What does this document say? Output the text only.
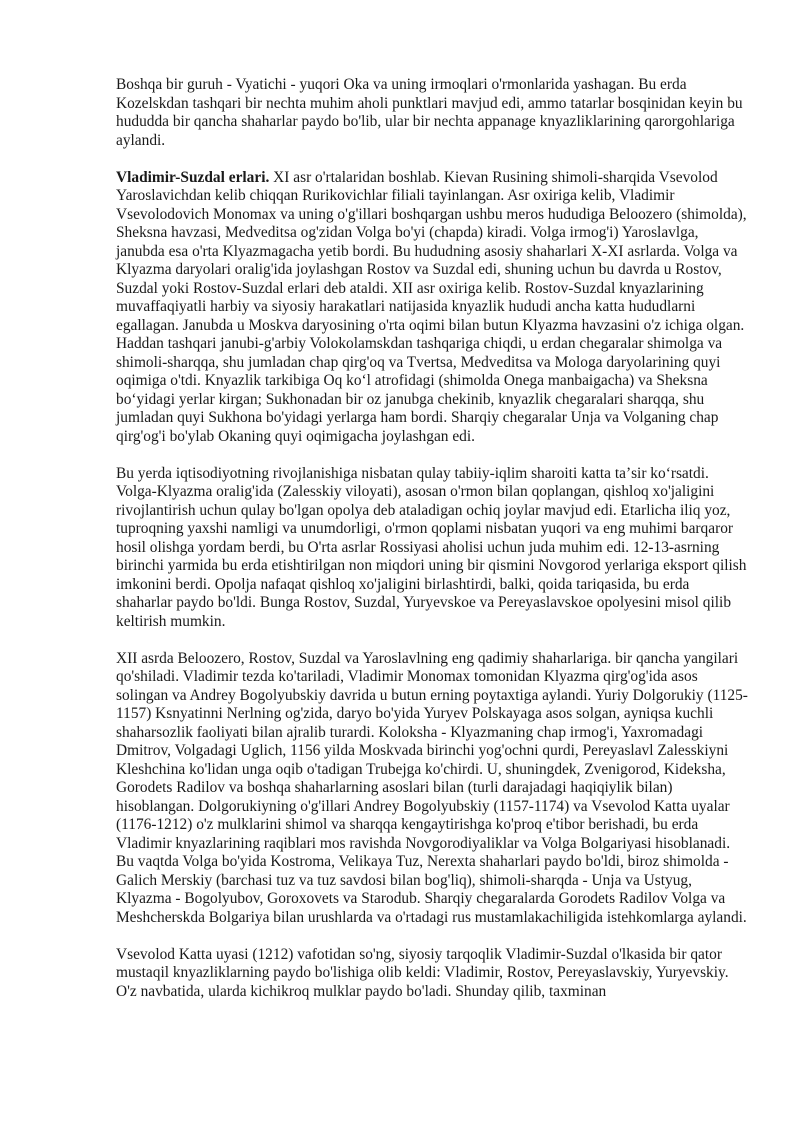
Boshqa bir guruh - Vyatichi - yuqori Oka va uning irmoqlari o'rmonlarida yashagan. Bu erda Kozelskdan tashqari bir nechta muhim aholi punktlari mavjud edi, ammo tatarlar bosqinidan keyin bu hududda bir qancha shaharlar paydo bo'lib, ular bir nechta appanage knyazliklarining qarorgohlariga aylandi.

Vladimir-Suzdal erlari. XI asr o'rtalaridan boshlab. Kievan Rusining shimoli-sharqida Vsevolod Yaroslavichdan kelib chiqqan Rurikovichlar filiali tayinlangan. Asr oxiriga kelib, Vladimir Vsevolodovich Monomax va uning o'g'illari boshqargan ushbu meros hududiga Beloozero (shimolda), Sheksna havzasi, Medveditsa og'zidan Volga bo'yi (chapda) kiradi. Volga irmog'i) Yaroslavlga, janubda esa o'rta Klyazmagacha yetib bordi. Bu hududning asosiy shaharlari X-XI asrlarda. Volga va Klyazma daryolari oralig'ida joylashgan Rostov va Suzdal edi, shuning uchun bu davrda u Rostov, Suzdal yoki Rostov-Suzdal erlari deb ataldi. XII asr oxiriga kelib. Rostov-Suzdal knyazlarining muvaffaqiyatli harbiy va siyosiy harakatlari natijasida knyazlik hududi ancha katta hududlarni egallagan. Janubda u Moskva daryosining o'rta oqimi bilan butun Klyazma havzasini o'z ichiga olgan. Haddan tashqari janubi-g'arbiy Volokolamskdan tashqariga chiqdi, u erdan chegaralar shimolga va shimoli-sharqqa, shu jumladan chap qirg'oq va Tvertsa, Medveditsa va Mologa daryolarining quyi oqimiga o'tdi. Knyazlik tarkibiga Oq koʻl atrofidagi (shimolda Onega manbaigacha) va Sheksna boʻyidagi yerlar kirgan; Sukhonadan bir oz janubga chekinib, knyazlik chegaralari sharqqa, shu jumladan quyi Sukhona bo'yidagi yerlarga ham bordi. Sharqiy chegaralar Unja va Volganing chap qirg'og'i bo'ylab Okaning quyi oqimigacha joylashgan edi.

Bu yerda iqtisodiyotning rivojlanishiga nisbatan qulay tabiiy-iqlim sharoiti katta taʼsir koʻrsatdi. Volga-Klyazma oralig'ida (Zalesskiy viloyati), asosan o'rmon bilan qoplangan, qishloq xo'jaligini rivojlantirish uchun qulay bo'lgan opolya deb ataladigan ochiq joylar mavjud edi. Etarlicha iliq yoz, tuproqning yaxshi namligi va unumdorligi, o'rmon qoplami nisbatan yuqori va eng muhimi barqaror hosil olishga yordam berdi, bu O'rta asrlar Rossiyasi aholisi uchun juda muhim edi. 12-13-asrning birinchi yarmida bu erda etishtirilgan non miqdori uning bir qismini Novgorod yerlariga eksport qilish imkonini berdi. Opolja nafaqat qishloq xo'jaligini birlashtirdi, balki, qoida tariqasida, bu erda shaharlar paydo bo'ldi. Bunga Rostov, Suzdal, Yuryevskoe va Pereyaslavskoe opolyesini misol qilib keltirish mumkin.

XII asrda Beloozero, Rostov, Suzdal va Yaroslavlning eng qadimiy shaharlariga. bir qancha yangilari qo'shiladi. Vladimir tezda ko'tariladi, Vladimir Monomax tomonidan Klyazma qirg'og'ida asos solingan va Andrey Bogolyubskiy davrida u butun erning poytaxtiga aylandi. Yuriy Dolgorukiy (1125-1157) Ksnyatinni Nerlning og'zida, daryo bo'yida Yuryev Polskayaga asos solgan, ayniqsa kuchli shaharsozlik faoliyati bilan ajralib turardi. Koloksha - Klyazmaning chap irmog'i, Yaxromadagi Dmitrov, Volgadagi Uglich, 1156 yilda Moskvada birinchi yog'ochni qurdi, Pereyaslavl Zalesskiyni Kleshchina ko'lidan unga oqib o'tadigan Trubejga ko'chirdi. U, shuningdek, Zvenigorod, Kideksha, Gorodets Radilov va boshqa shaharlarning asoslari bilan (turli darajadagi haqiqiylik bilan) hisoblangan. Dolgorukiyning o'g'illari Andrey Bogolyubskiy (1157-1174) va Vsevolod Katta uyalar (1176-1212) o'z mulklarini shimol va sharqqa kengaytirishga ko'proq e'tibor berishadi, bu erda Vladimir knyazlarining raqiblari mos ravishda Novgorodiyaliklar va Volga Bolgariyasi hisoblanadi. Bu vaqtda Volga bo'yida Kostroma, Velikaya Tuz, Nerexta shaharlari paydo bo'ldi, biroz shimolda - Galich Merskiy (barchasi tuz va tuz savdosi bilan bog'liq), shimoli-sharqda - Unja va Ustyug, Klyazma - Bogolyubov, Goroxovets va Starodub. Sharqiy chegaralarda Gorodets Radilov Volga va Meshcherskda Bolgariya bilan urushlarda va o'rtadagi rus mustamlakachiligida istehkomlarga aylandi.

Vsevolod Katta uyasi (1212) vafotidan so'ng, siyosiy tarqoqlik Vladimir-Suzdal o'lkasida bir qator mustaqil knyazliklarning paydo bo'lishiga olib keldi: Vladimir, Rostov, Pereyaslavskiy, Yuryevskiy. O'z navbatida, ularda kichikroq mulklar paydo bo'ladi. Shunday qilib, taxminan
